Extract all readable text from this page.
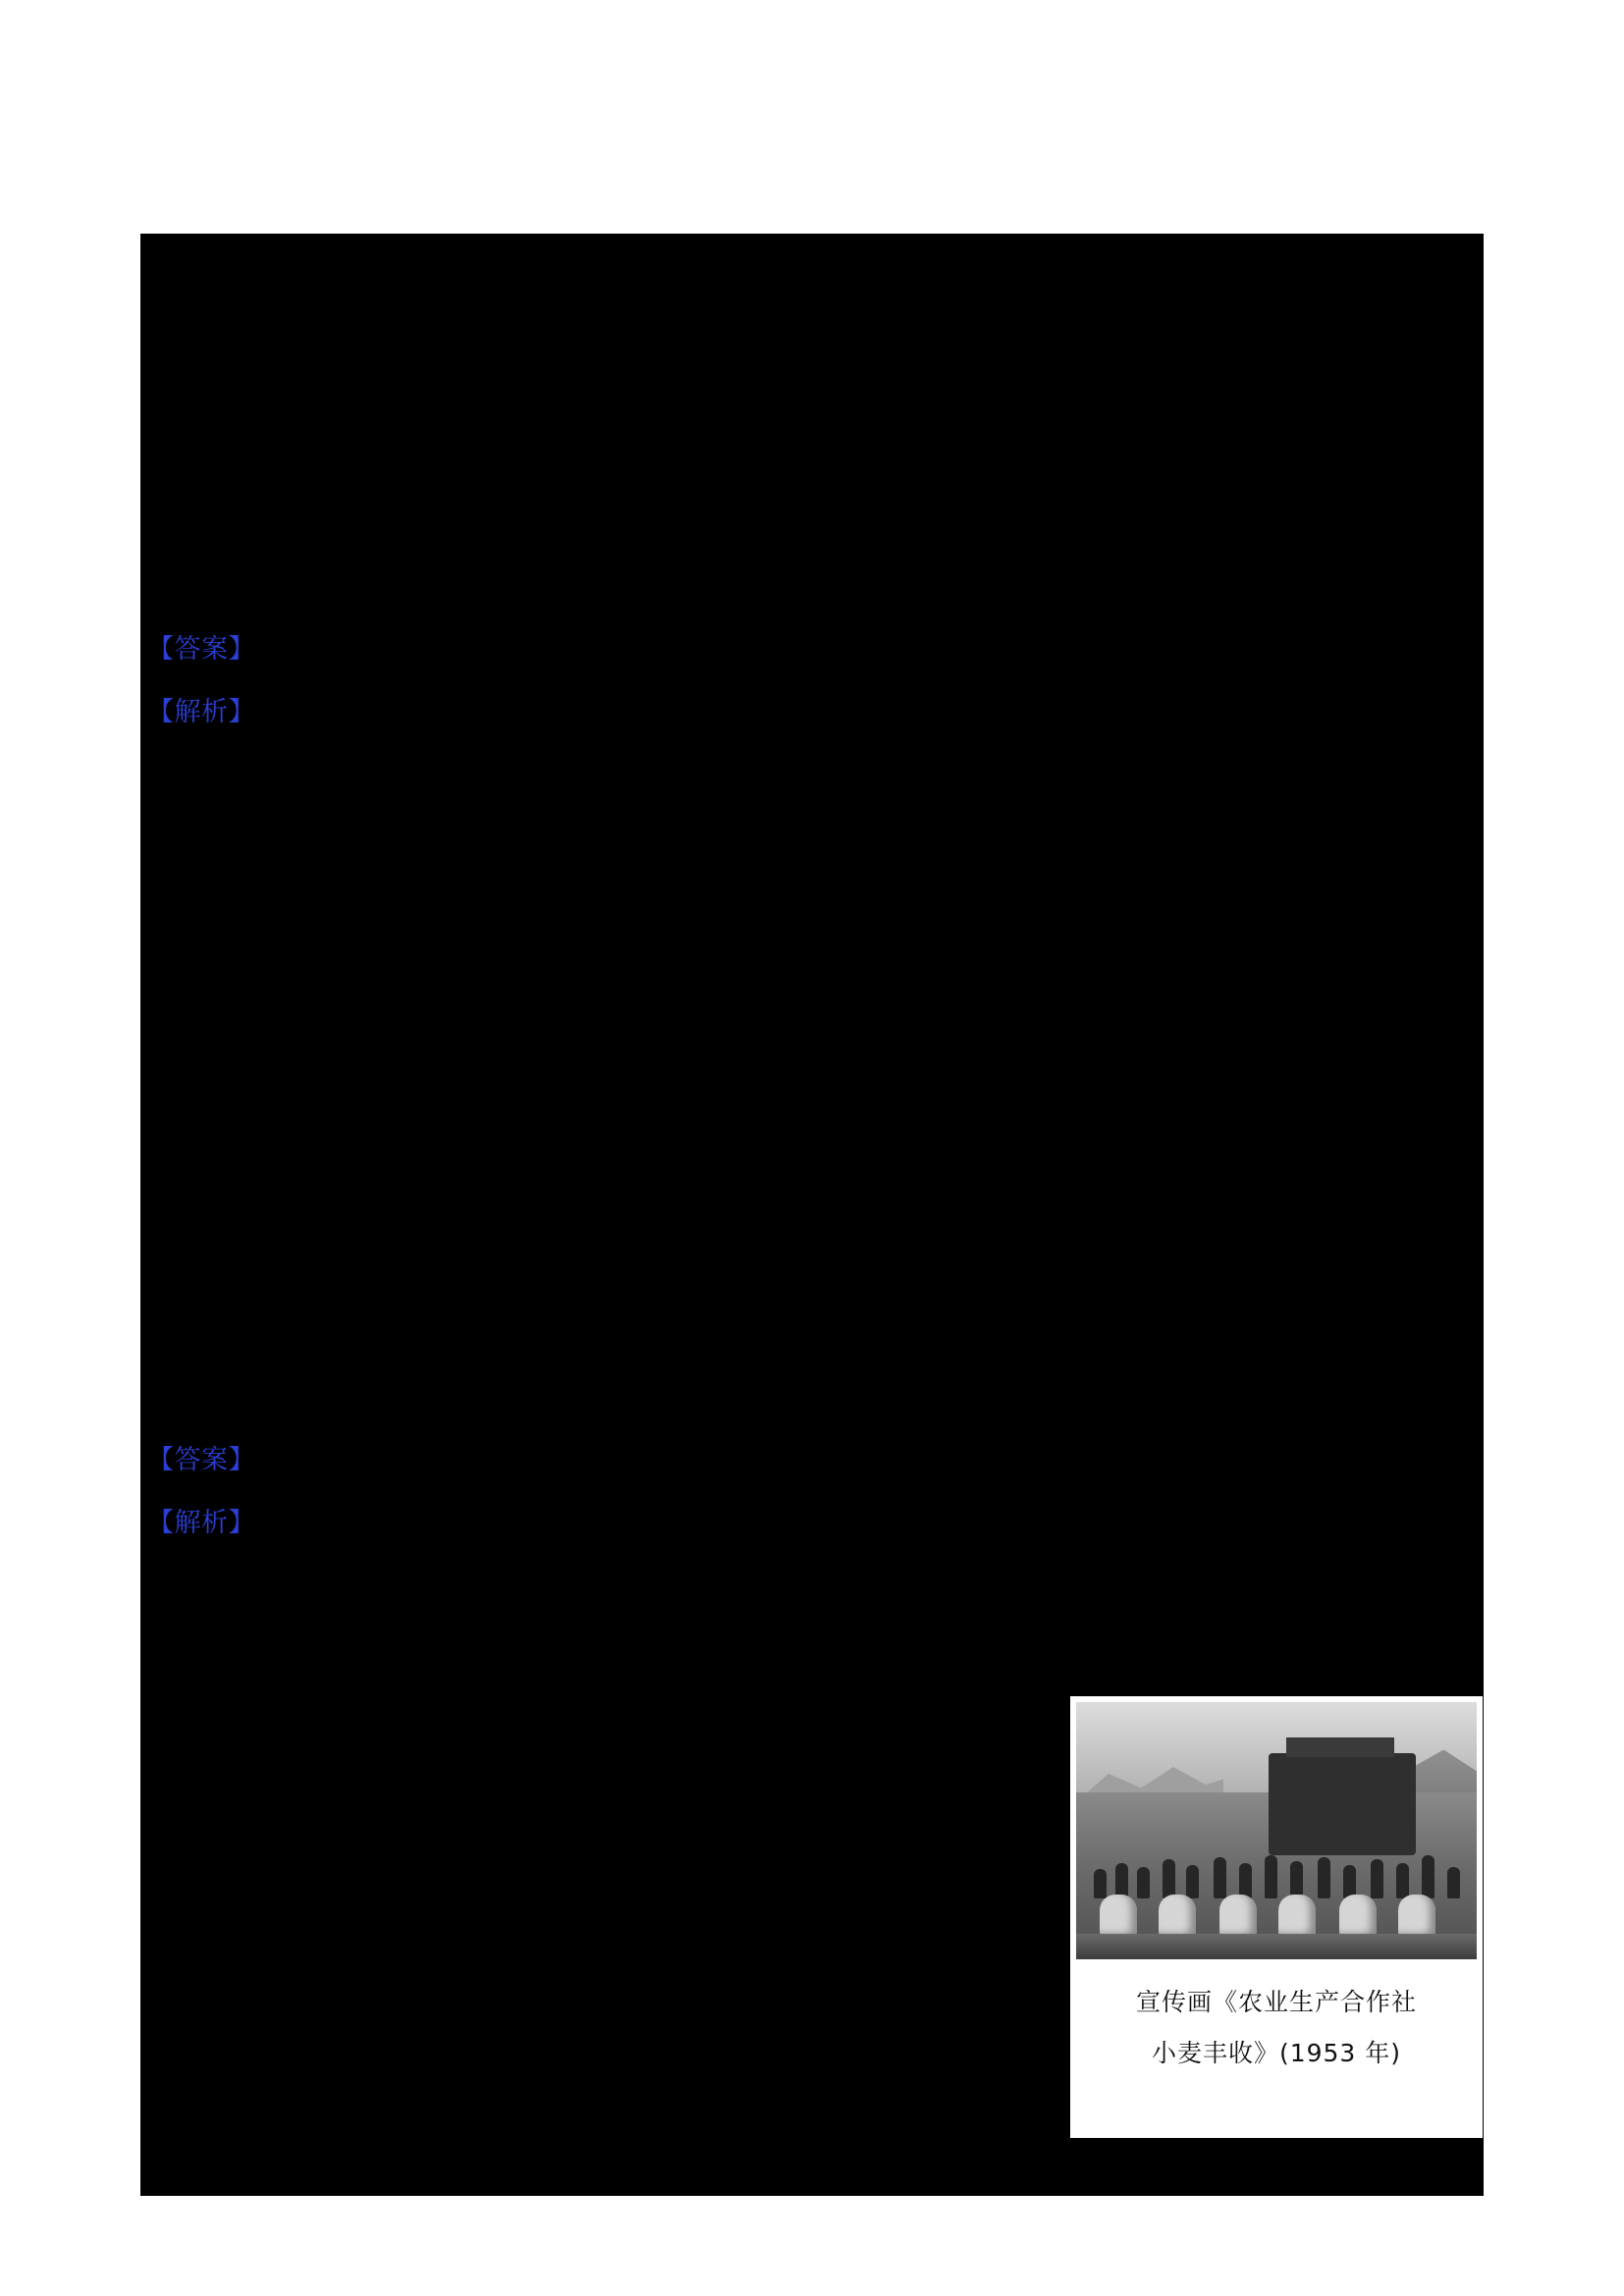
【答案】
【解析】
【答案】
【解析】
宣传画《农业生产合作社
小麦丰收》(1953 年)
